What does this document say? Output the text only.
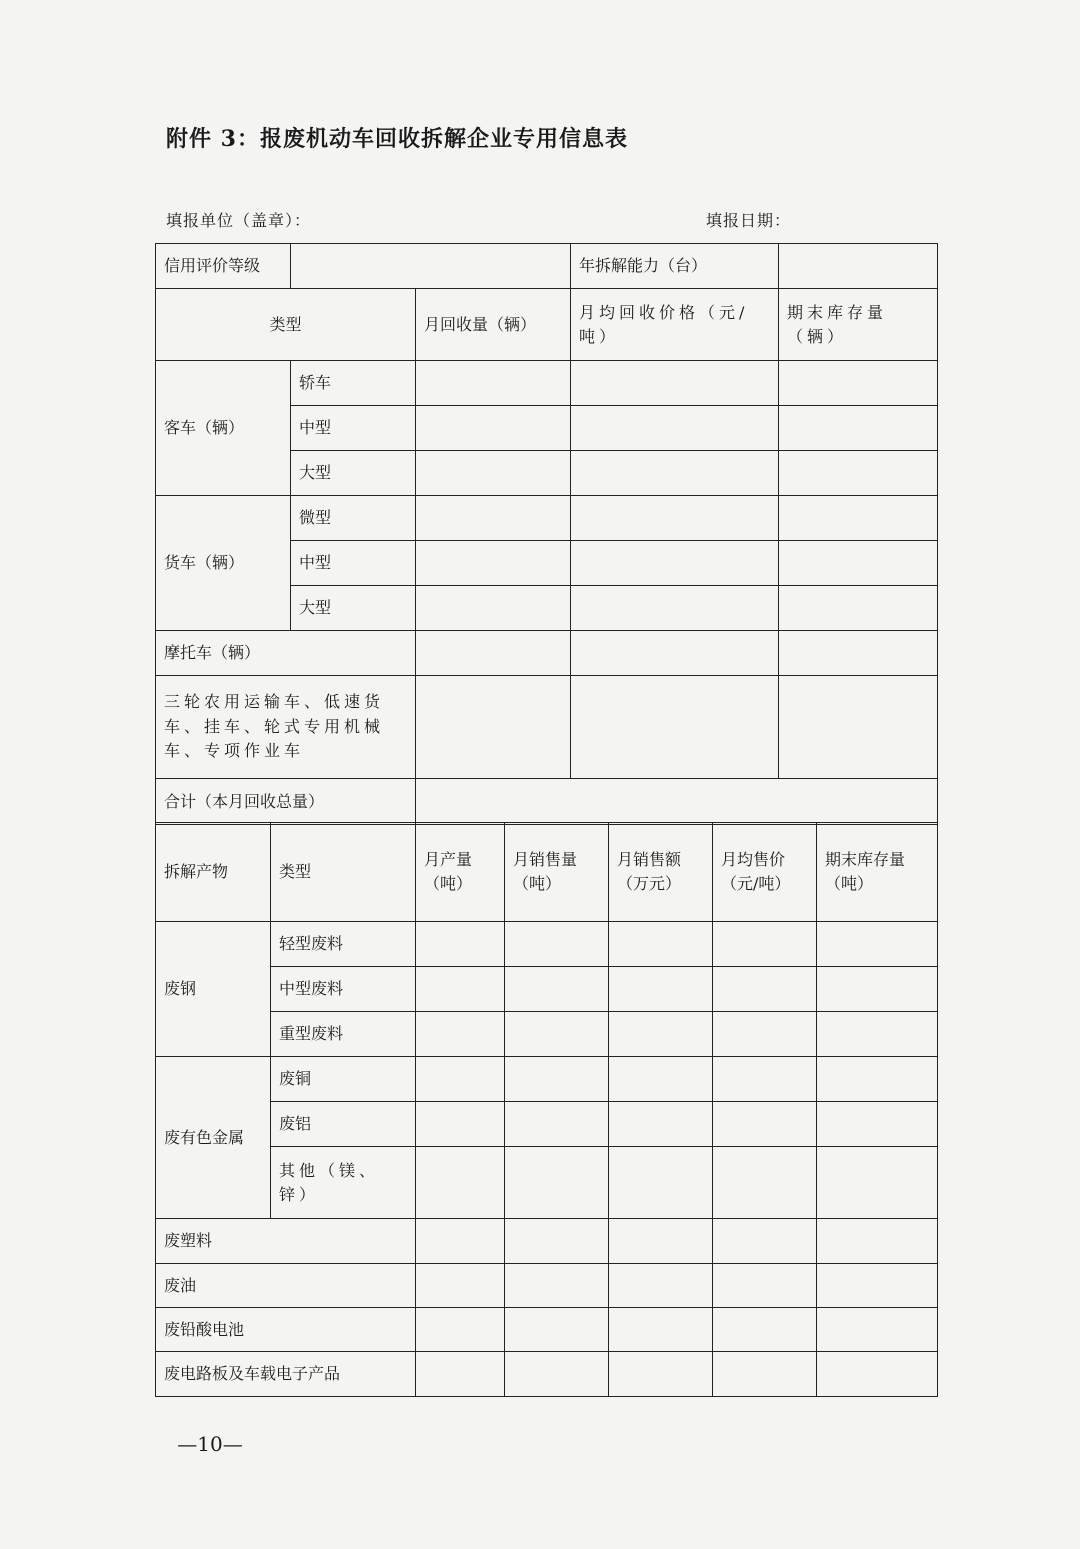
附件 3：报废机动车回收拆解企业专用信息表
填报单位（盖章）：	填报日期：
信用评价等级			年拆解能力（台）	
类型		月回收量（辆）	月均回收价格（元/吨）	期末库存量（辆）
客车（辆）	轿车			
	中型			
	大型			
货车（辆）	微型			
	中型			
	大型			
摩托车（辆）				
三轮农用运输车、低速货车、挂车、轮式专用机械车、专项作业车				
合计（本月回收总量）				
拆解产物	类型	月产量（吨）	月销售量（吨）	月销售额（万元）	月均售价（元/吨）	期末库存量（吨）
废钢	轻型废料					
	中型废料					
	重型废料					
废有色金属	废铜					
	废铝					
	其他（镁、锌）					
废塑料						
废油						
废铅酸电池						
废电路板及车载电子产品						
—10—
